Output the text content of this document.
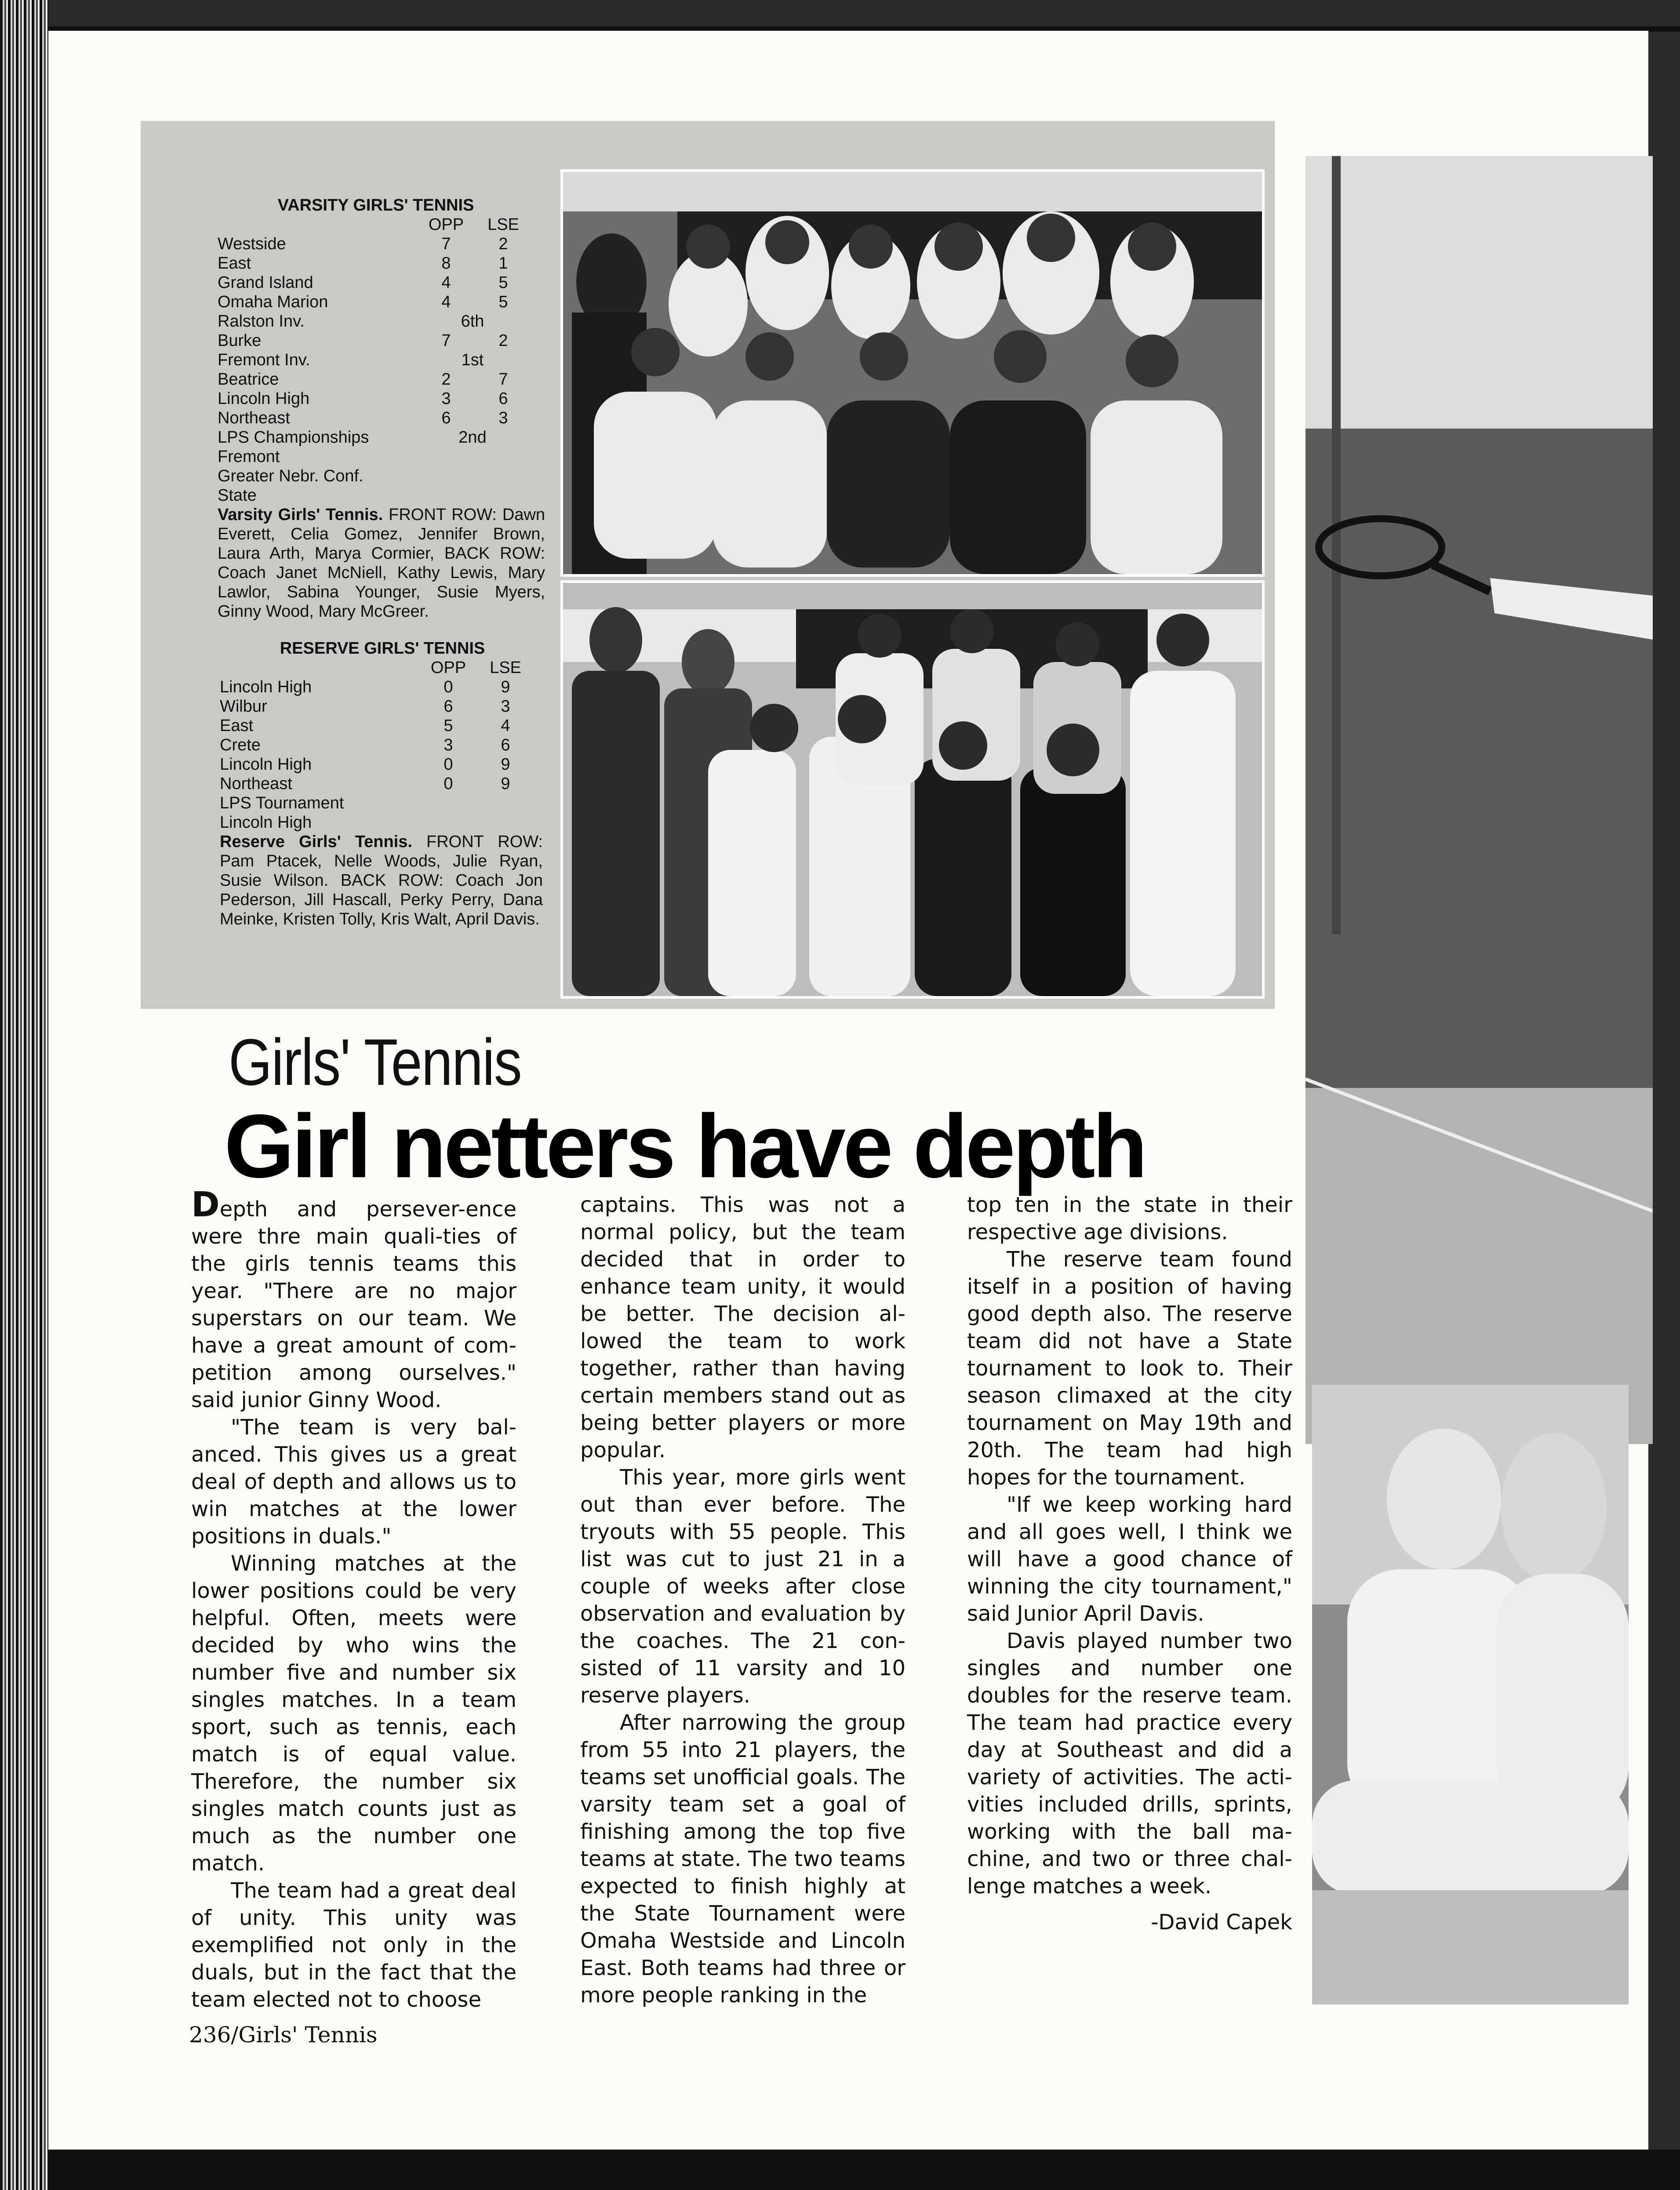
VARSITY GIRLS' TENNIS
OPP LSE
Westside	7	2
East	8	1
Grand Island	4	5
Omaha Marion	4	5
Ralston Inv.	6th
Burke	7	2
Fremont Inv.	1st
Beatrice	2	7
Lincoln High	3	6
Northeast	6	3
LPS Championships	2nd
Fremont
Greater Nebr. Conf.
State
Varsity Girls' Tennis. FRONT ROW: Dawn Everett, Celia Gomez, Jennifer Brown, Laura Arth, Marya Cormier, BACK ROW: Coach Janet McNiell, Kathy Lewis, Mary Lawlor, Sabina Younger, Susie Myers, Ginny Wood, Mary McGreer.
RESERVE GIRLS' TENNIS
OPP LSE
Lincoln High	0	9
Wilbur	6	3
East	5	4
Crete	3	6
Lincoln High	0	9
Northeast	0	9
LPS Tournament
Lincoln High
Reserve Girls' Tennis. FRONT ROW: Pam Ptacek, Nelle Woods, Julie Ryan, Susie Wilson. BACK ROW: Coach Jon Pederson, Jill Hascall, Perky Perry, Dana Meinke, Kristen Tolly, Kris Walt, April Davis.
Girls' Tennis
Girl netters have depth

Depth and persever-ence were thre main quali-ties of the girls tennis teams this year. "There are no major superstars on our team. We have a great amount of com-petition among ourselves." said junior Ginny Wood.

"The team is very bal-anced. This gives us a great deal of depth and allows us to win matches at the lower positions in duals."

Winning matches at the lower positions could be very helpful. Often, meets were decided by who wins the number five and number six singles matches. In a team sport, such as tennis, each match is of equal value. Therefore, the number six singles match counts just as much as the number one match.

The team had a great deal of unity. This unity was exemplified not only in the duals, but in the fact that the team elected not to choose

captains. This was not a normal policy, but the team decided that in order to enhance team unity, it would be better. The decision al-lowed the team to work together, rather than having certain members stand out as being better players or more popular.

This year, more girls went out than ever before. The tryouts with 55 people. This list was cut to just 21 in a couple of weeks after close observation and evaluation by the coaches. The 21 con-sisted of 11 varsity and 10 reserve players.

After narrowing the group from 55 into 21 players, the teams set unofficial goals. The varsity team set a goal of finishing among the top five teams at state. The two teams expected to finish highly at the State Tournament were Omaha Westside and Lincoln East. Both teams had three or more people ranking in the

top ten in the state in their respective age divisions.

The reserve team found itself in a position of having good depth also. The reserve team did not have a State tournament to look to. Their season climaxed at the city tournament on May 19th and 20th. The team had high hopes for the tournament.

"If we keep working hard and all goes well, I think we will have a good chance of winning the city tournament," said Junior April Davis.

Davis played number two singles and number one doubles for the reserve team. The team had practice every day at Southeast and did a variety of activities. The acti-vities included drills, sprints, working with the ball ma-chine, and two or three chal-lenge matches a week.

-David Capek
236/Girls' Tennis
